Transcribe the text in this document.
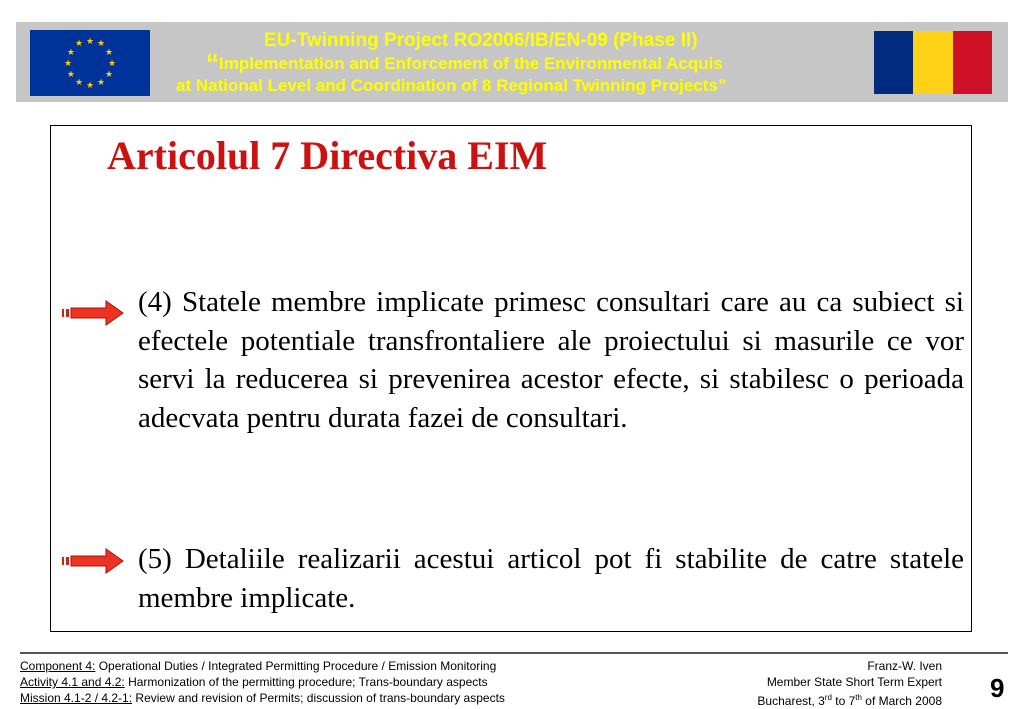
★ ★
★
★
★
★
★
★
★
★
★
★	EU-Twinning Project RO2006/IB/EN-09 (Phase II)
“Implementation and Enforcement of the Environmental Acquis
at National Level and Coordination of 8 Regional Twinning Projects”
Articolul 7 Directiva EIM
(4) Statele membre implicate primesc consultari care au ca subiect si efectele potentiale transfrontaliere ale proiectului si masurile ce vor servi la reducerea si prevenirea acestor efecte, si stabilesc o perioada adecvata pentru durata fazei de consultari.
(5) Detaliile realizarii acestui articol pot fi stabilite de catre statele membre implicate.
Component 4: Operational Duties / Integrated Permitting Procedure / Emission Monitoring
Activity 4.1 and 4.2: Harmonization of the permitting procedure; Trans-boundary aspects
Mission 4.1-2 / 4.2-1: Review and revision of Permits; discussion of trans-boundary aspects
Franz-W. Iven
Member State Short Term Expert
Bucharest, 3rd to 7th of March 2008 9
